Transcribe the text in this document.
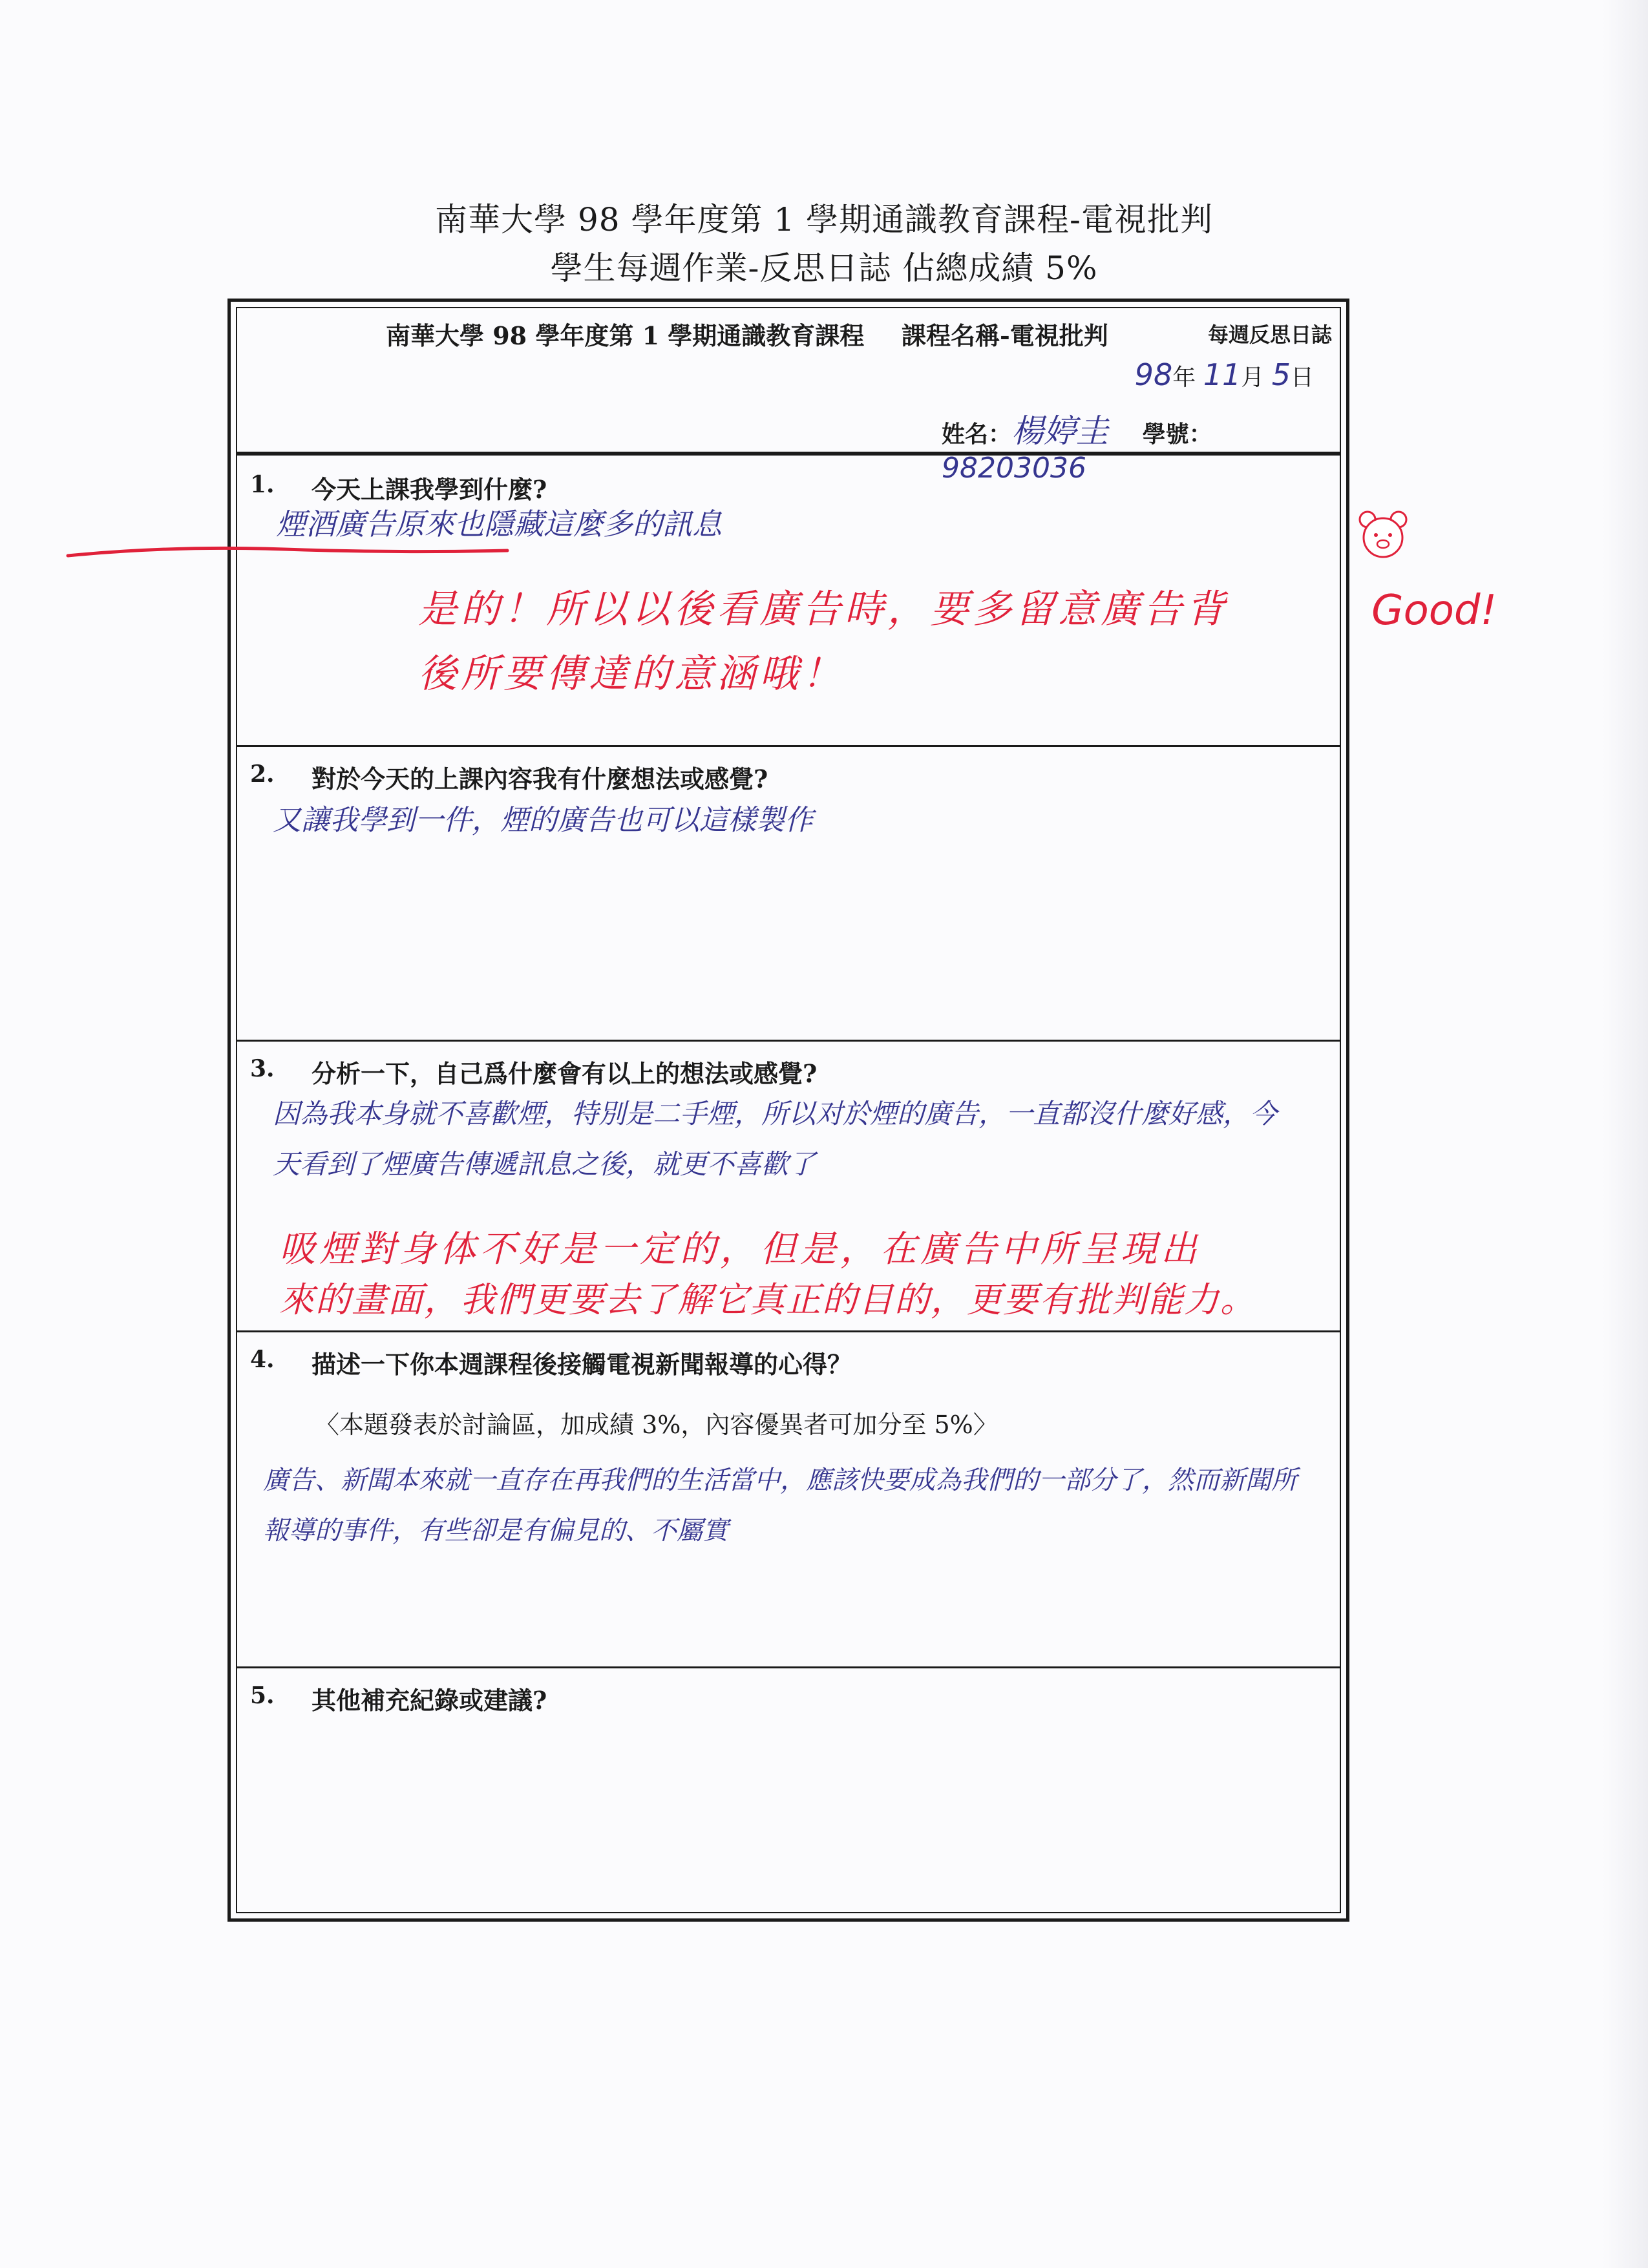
南華大學 98 學年度第 1 學期通識教育課程-電視批判
學生每週作業-反思日誌 佔總成績 5%
南華大學 98 學年度第 1 學期通識教育課程 課程名稱-電視批判	每週反思日誌
98年 11月 5日
姓名：楊婷圭 學號：98203036
1. 今天上課我學到什麼?
煙酒廣告原來也隱藏這麼多的訊息
是的！所以以後看廣告時，要多留意廣告背
後所要傳達的意涵哦！
2. 對於今天的上課內容我有什麼想法或感覺?
又讓我學到一件，煙的廣告也可以這樣製作
3. 分析一下，自己爲什麼會有以上的想法或感覺?
因為我本身就不喜歡煙，特別是二手煙，所以对於煙的廣告，一直都沒什麼好感，今
天看到了煙廣告傳遞訊息之後，就更不喜歡了
吸煙對身体不好是一定的，但是，在廣告中所呈現出
來的畫面，我們更要去了解它真正的目的，更要有批判能力。
4. 描述一下你本週課程後接觸電視新聞報導的心得？
〈本題發表於討論區，加成績 3%，內容優異者可加分至 5%〉
廣告、新聞本來就一直存在再我們的生活當中，應該快要成為我們的一部分了，然而新聞所
報導的事件，有些卻是有偏見的、不屬實
5. 其他補充紀錄或建議?
Good!
